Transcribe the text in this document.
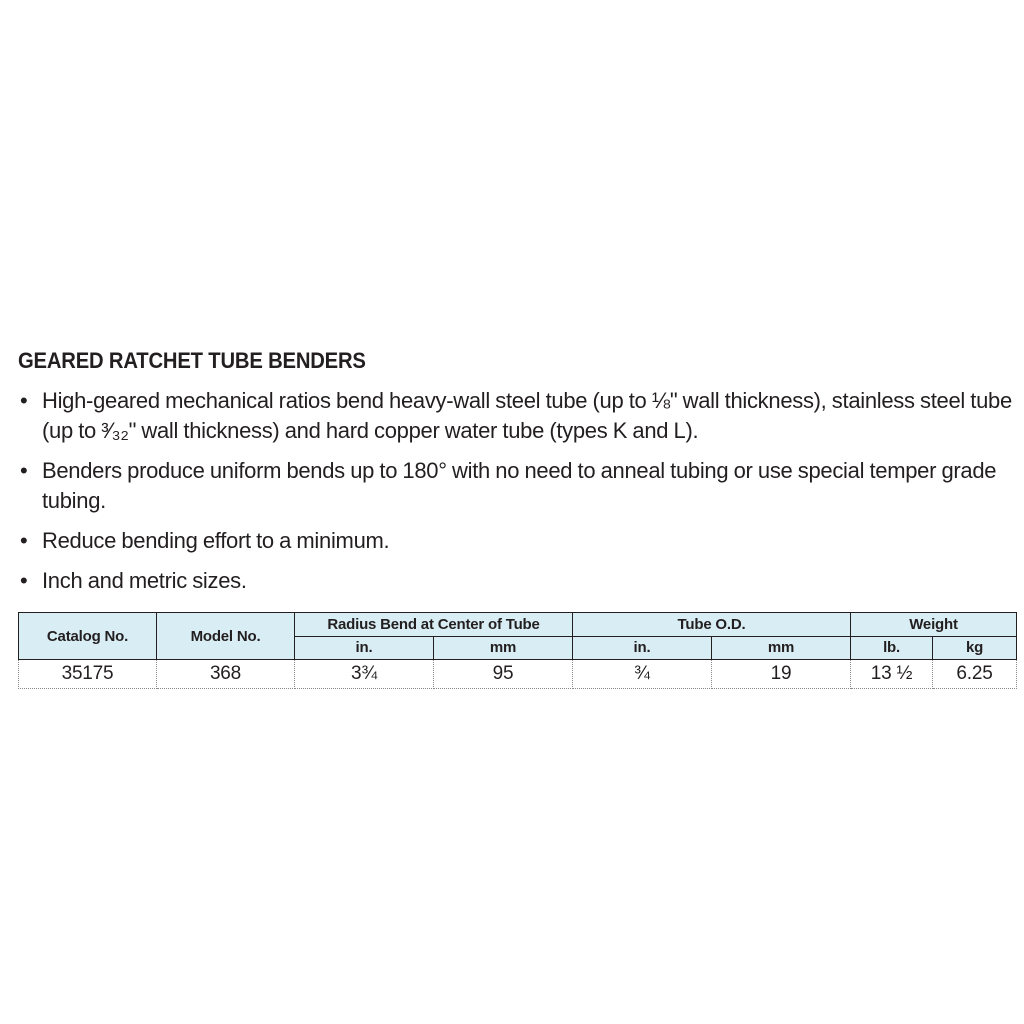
GEARED RATCHET TUBE BENDERS
• High-geared mechanical ratios bend heavy-wall steel tube (up to ⅛" wall thickness), stainless steel tube (up to ³⁄₃₂" wall thickness) and hard copper water tube (types K and L).
• Benders produce uniform bends up to 180° with no need to anneal tubing or use special temper grade tubing.
• Reduce bending effort to a minimum.
• Inch and metric sizes.
Catalog No.	Model No.	Radius Bend at Center of Tube		Tube O.D.		Weight	
		in.	mm	in.	mm	lb.	kg
35175	368	3¾	95	¾	19	13 ½	6.25
